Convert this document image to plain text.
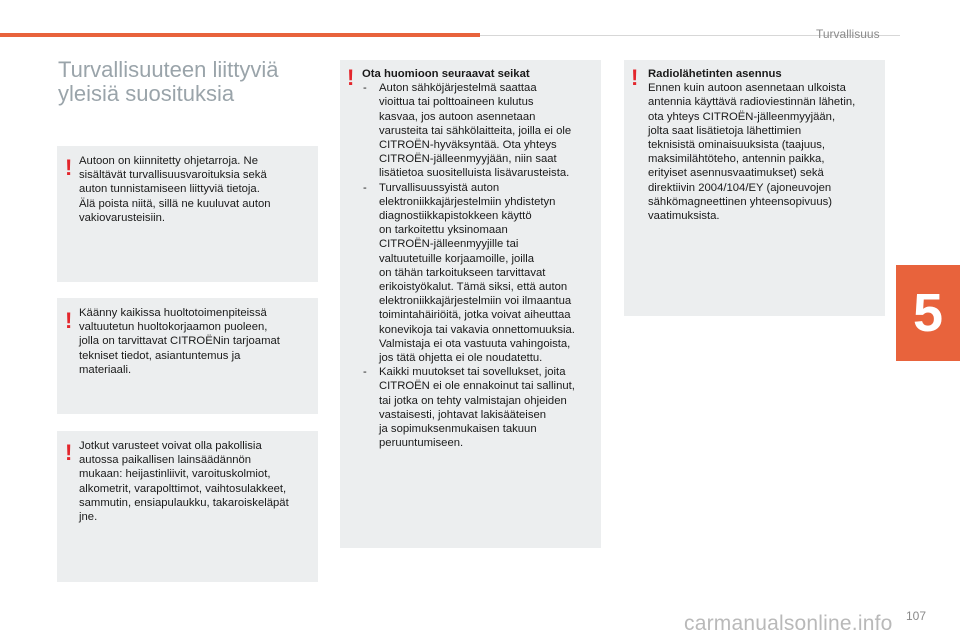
Turvallisuus
Turvallisuuteen liittyviä
yleisiä suosituksia
! Autoon on kiinnitetty ohjetarroja. Ne
sisältävät turvallisuusvaroituksia sekä
auton tunnistamiseen liittyviä tietoja.
Älä poista niitä, sillä ne kuuluvat auton
vakiovarusteisiin.
! Käänny kaikissa huoltotoimenpiteissä
valtuutetun huoltokorjaamon puoleen,
jolla on tarvittavat CITROËNin tarjoamat
tekniset tiedot, asiantuntemus ja
materiaali.
! Jotkut varusteet voivat olla pakollisia
autossa paikallisen lainsäädännön
mukaan: heijastinliivit, varoituskolmiot,
alkometrit, varapolttimot, vaihtosulakkeet,
sammutin, ensiapulaukku, takaroiskeläpät
jne.
! Ota huomioon seuraavat seikat
- Auton sähköjärjestelmä saattaa
vioittua tai polttoaineen kulutus
kasvaa, jos autoon asennetaan
varusteita tai sähkölaitteita, joilla ei ole
CITROËN-hyväksyntää. Ota yhteys
CITROËN-jälleenmyyjään, niin saat
lisätietoa suositelluista lisävarusteista.
- Turvallisuussyistä auton
elektroniikkajärjestelmiin yhdistetyn
diagnostiikkapistokkeen käyttö
on tarkoitettu yksinomaan
CITROËN-jälleenmyyjille tai
valtuutetuille korjaamoille, joilla
on tähän tarkoitukseen tarvittavat
erikoistyökalut. Tämä siksi, että auton
elektroniikkajärjestelmiin voi ilmaantua
toimintahäiriöitä, jotka voivat aiheuttaa
konevikoja tai vakavia onnettomuuksia.
Valmistaja ei ota vastuuta vahingoista,
jos tätä ohjetta ei ole noudatettu.
- Kaikki muutokset tai sovellukset, joita
CITROËN ei ole ennakoinut tai sallinut,
tai jotka on tehty valmistajan ohjeiden
vastaisesti, johtavat lakisääteisen
ja sopimuksenmukaisen takuun
peruuntumiseen.
! Radiolähetinten asennus
Ennen kuin autoon asennetaan ulkoista
antennia käyttävä radioviestinnän lähetin,
ota yhteys CITROËN-jälleenmyyjään,
jolta saat lisätietoja lähettimien
teknisistä ominaisuuksista (taajuus,
maksimilähtöteho, antennin paikka,
erityiset asennusvaatimukset) sekä
direktiivin 2004/104/EY (ajoneuvojen
sähkömagneettinen yhteensopivuus)
vaatimuksista.
5
carmanualsonline.info 107
